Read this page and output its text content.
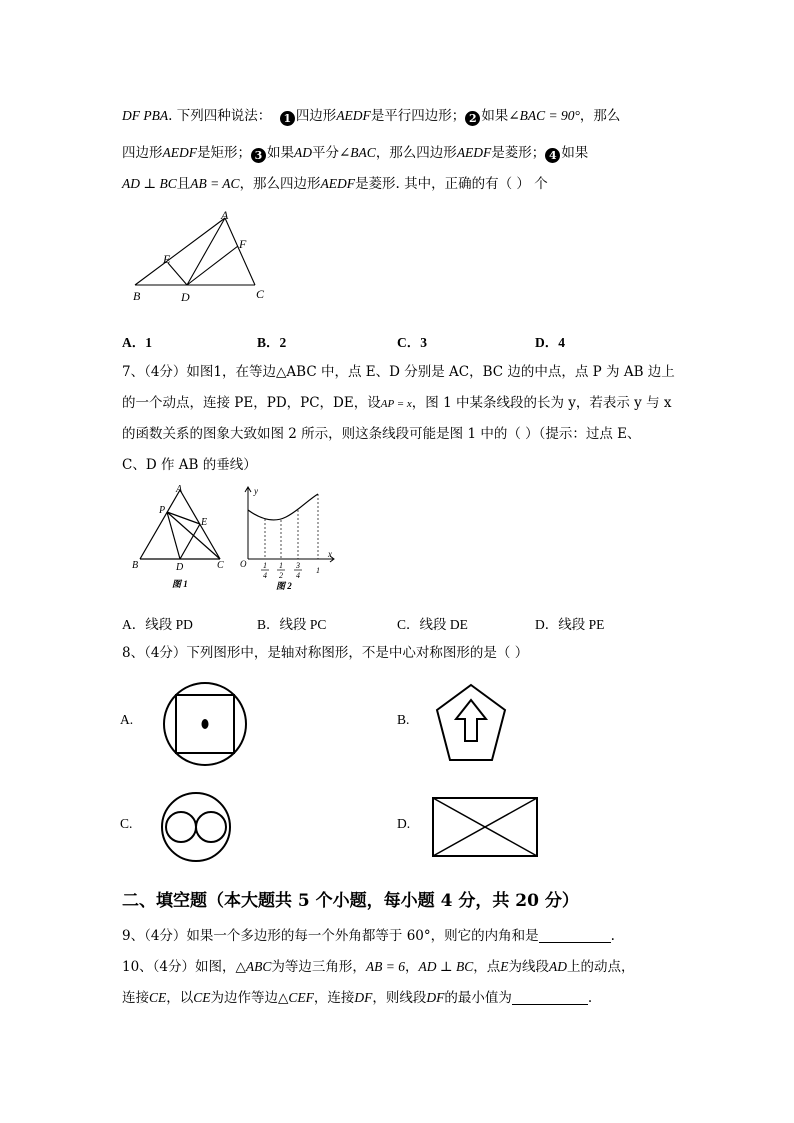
DF PBA. 下列四种说法： 1 四边形AEDF是平行四边形； 2 如果∠BAC = 90°，那么
四边形AEDF是矩形； 3 如果AD平分∠BAC，那么四边形AEDF是菱形； 4 如果
AD ⊥ BC且AB = AC，那么四边形AEDF是菱形. 其中，正确的有（ ） 个
A
F
E
B	D	C
A．1	B．2	C．3	D．4
7、（4分）如图1，在等边△ABC 中，点 E、D 分别是 AC，BC 边的中点，点 P 为 AB 边上
的一个动点，连接 PE，PD，PC，DE，设AP = x，图 1 中某条线段的长为 y，若表示 y 与 x
的函数关系的图象大致如图 2 所示，则这条线段可能是图 1 中的（ ）（提示：过点 E、
C、D 作 AB 的垂线）
A
P
E
B	D	C
图 1
y
x
O 1
4
1
2
3
4
1
图 2
A．线段 PD	B．线段 PC	C．线段 DE	D．线段 PE
8、（4分）下列图形中，是轴对称图形，不是中心对称图形的是（ ）
A.	B.
C.	D.
二、填空题（本大题共 5 个小题，每小题 4 分，共 20 分）
9、（4分）如果一个多边形的每一个外角都等于 60°，则它的内角和是	.
10、（4分）如图，△ABC为等边三角形，AB = 6，AD ⊥ BC，点E为线段AD上的动点，
连接CE，以CE为边作等边△CEF，连接DF，则线段DF的最小值为	.
